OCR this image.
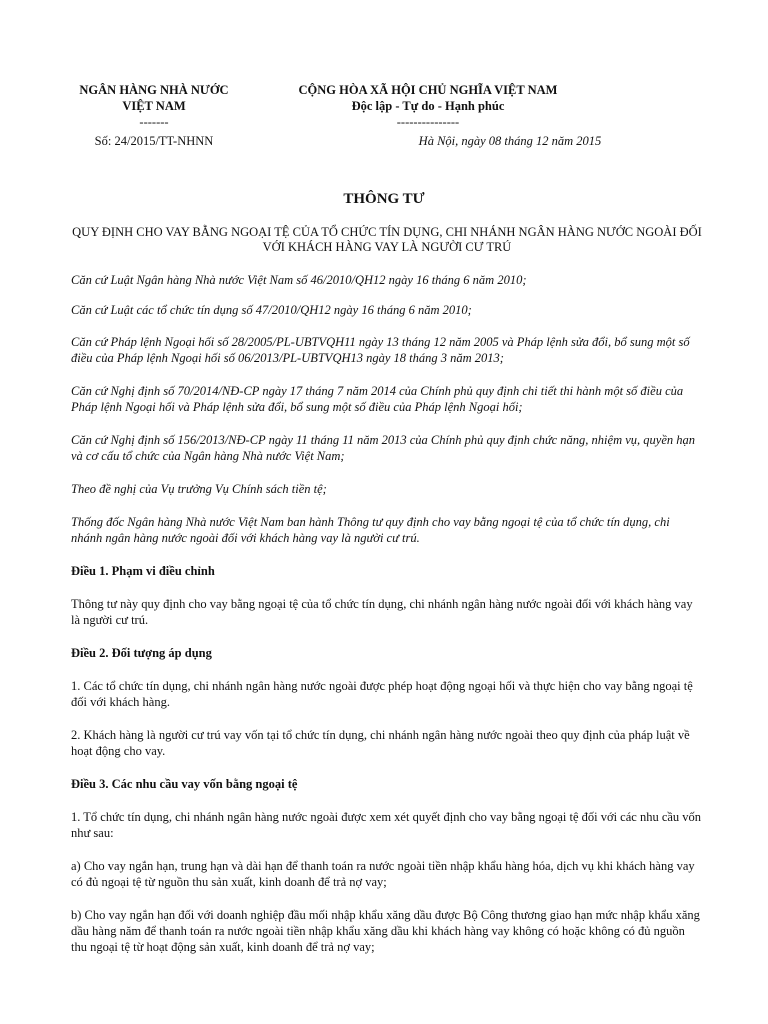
NGÂN HÀNG NHÀ NƯỚC
VIỆT NAM
-------
CỘNG HÒA XÃ HỘI CHỦ NGHĨA VIỆT NAM
Độc lập - Tự do - Hạnh phúc
---------------
Số: 24/2015/TT-NHNN	Hà Nội, ngày 08 tháng 12 năm 2015
THÔNG TƯ
QUY ĐỊNH CHO VAY BẰNG NGOẠI TỆ CỦA TỔ CHỨC TÍN DỤNG, CHI NHÁNH NGÂN HÀNG NƯỚC NGOÀI ĐỐI VỚI KHÁCH HÀNG VAY LÀ NGƯỜI CƯ TRÚ

Căn cứ Luật Ngân hàng Nhà nước Việt Nam số 46/2010/QH12 ngày 16 tháng 6 năm 2010;

Căn cứ Luật các tổ chức tín dụng số 47/2010/QH12 ngày 16 tháng 6 năm 2010;

Căn cứ Pháp lệnh Ngoại hối số 28/2005/PL-UBTVQH11 ngày 13 tháng 12 năm 2005 và Pháp lệnh sửa đổi, bổ sung một số điều của Pháp lệnh Ngoại hối số 06/2013/PL-UBTVQH13 ngày 18 tháng 3 năm 2013;

Căn cứ Nghị định số 70/2014/NĐ-CP ngày 17 tháng 7 năm 2014 của Chính phủ quy định chi tiết thi hành một số điều của Pháp lệnh Ngoại hối và Pháp lệnh sửa đổi, bổ sung một số điều của Pháp lệnh Ngoại hối;

Căn cứ Nghị định số 156/2013/NĐ-CP ngày 11 tháng 11 năm 2013 của Chính phủ quy định chức năng, nhiệm vụ, quyền hạn và cơ cấu tổ chức của Ngân hàng Nhà nước Việt Nam;

Theo đề nghị của Vụ trưởng Vụ Chính sách tiền tệ;

Thống đốc Ngân hàng Nhà nước Việt Nam ban hành Thông tư quy định cho vay bằng ngoại tệ của tổ chức tín dụng, chi nhánh ngân hàng nước ngoài đối với khách hàng vay là người cư trú.

Điều 1. Phạm vi điều chỉnh

Thông tư này quy định cho vay bằng ngoại tệ của tổ chức tín dụng, chi nhánh ngân hàng nước ngoài đối với khách hàng vay là người cư trú.

Điều 2. Đối tượng áp dụng

1. Các tổ chức tín dụng, chi nhánh ngân hàng nước ngoài được phép hoạt động ngoại hối và thực hiện cho vay bằng ngoại tệ đối với khách hàng.

2. Khách hàng là người cư trú vay vốn tại tổ chức tín dụng, chi nhánh ngân hàng nước ngoài theo quy định của pháp luật về hoạt động cho vay.

Điều 3. Các nhu cầu vay vốn bằng ngoại tệ

1. Tổ chức tín dụng, chi nhánh ngân hàng nước ngoài được xem xét quyết định cho vay bằng ngoại tệ đối với các nhu cầu vốn như sau:

a) Cho vay ngắn hạn, trung hạn và dài hạn để thanh toán ra nước ngoài tiền nhập khẩu hàng hóa, dịch vụ khi khách hàng vay có đủ ngoại tệ từ nguồn thu sản xuất, kinh doanh để trả nợ vay;

b) Cho vay ngắn hạn đối với doanh nghiệp đầu mối nhập khẩu xăng dầu được Bộ Công thương giao hạn mức nhập khẩu xăng dầu hàng năm để thanh toán ra nước ngoài tiền nhập khẩu xăng dầu khi khách hàng vay không có hoặc không có đủ nguồn thu ngoại tệ từ hoạt động sản xuất, kinh doanh để trả nợ vay;
